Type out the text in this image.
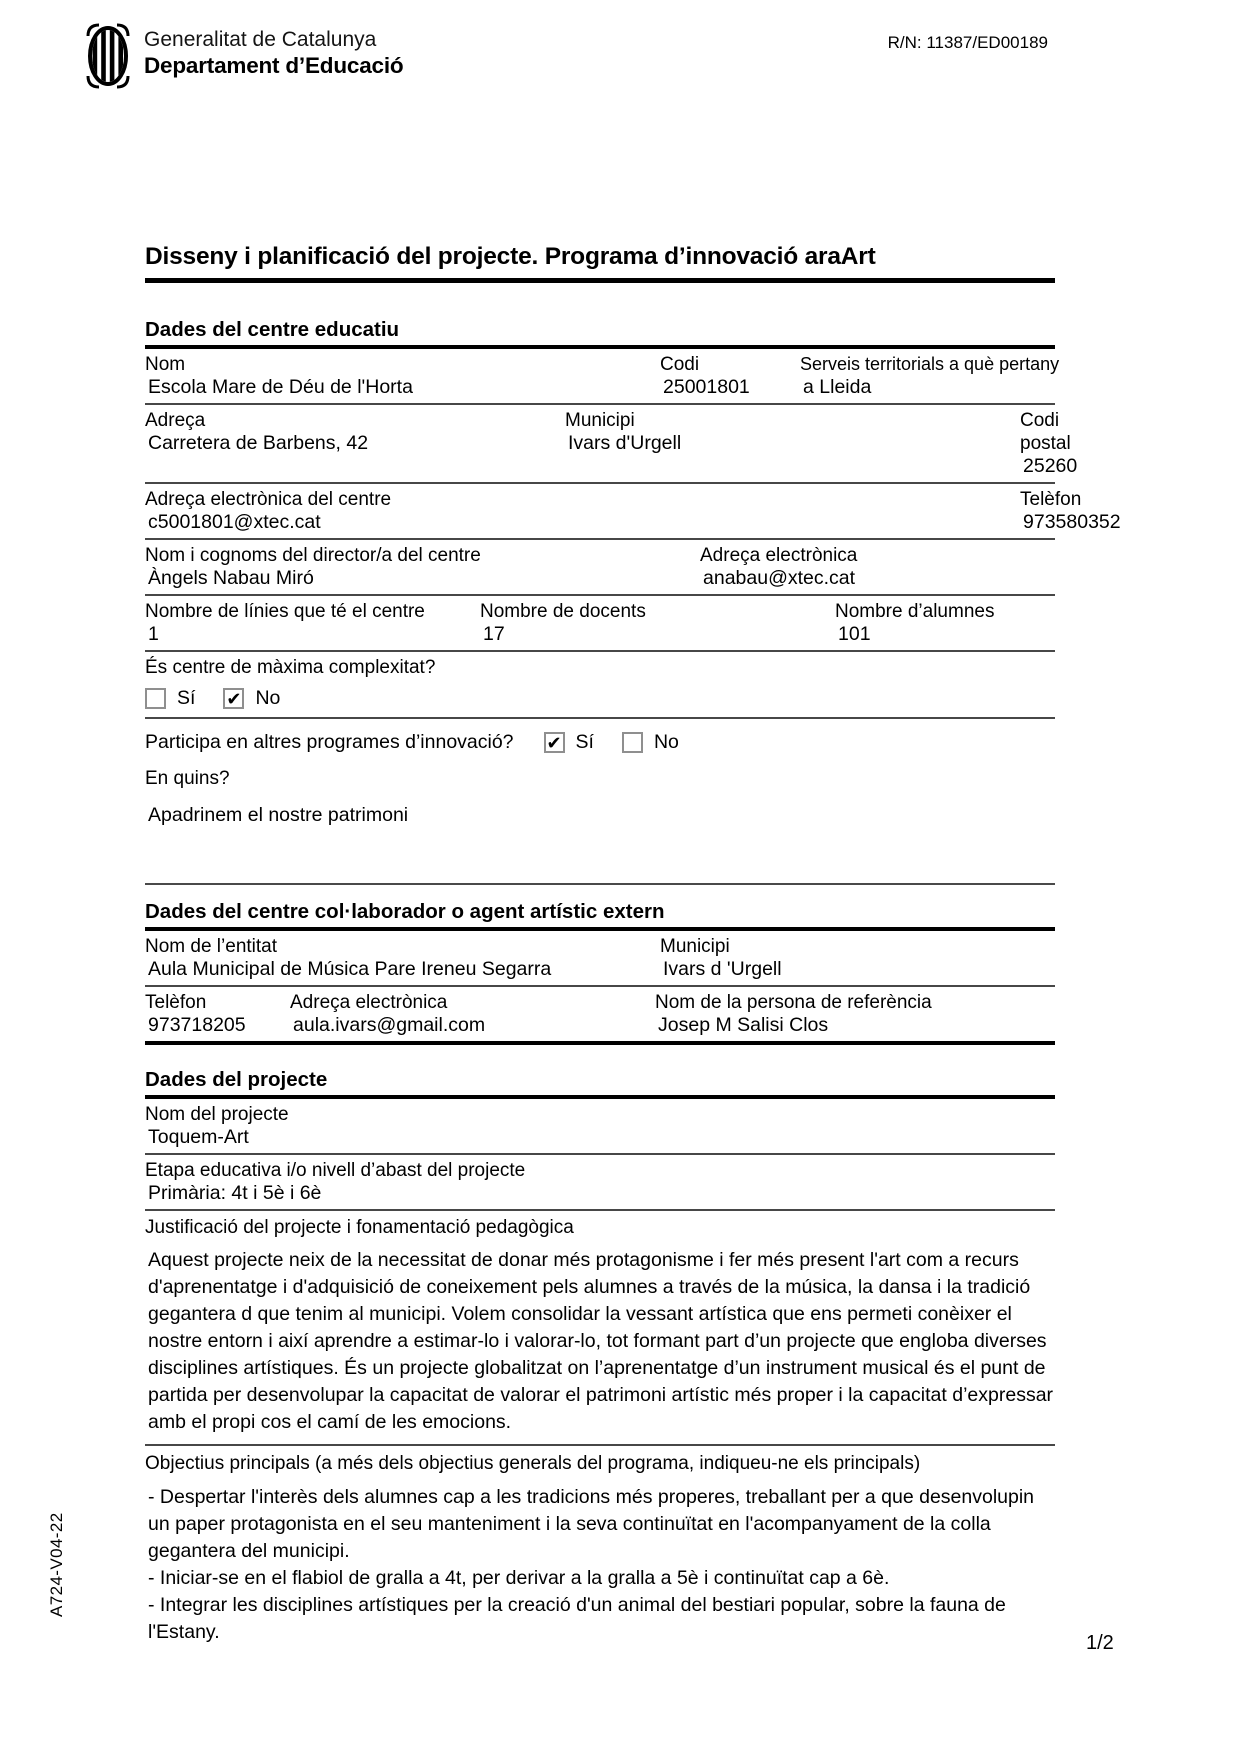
Generalitat de Catalunya
Departament d’Educació
R/N: 11387/ED00189
Disseny i planificació del projecte. Programa d’innovació araArt
Dades del centre educatiu
Nom
Escola Mare de Déu de l'Horta
Codi
25001801
Serveis territorials a què pertany
a Lleida
Adreça
Carretera de Barbens, 42
Municipi
Ivars d'Urgell
Codi postal
25260
Adreça electrònica del centre
c5001801@xtec.cat
Telèfon
973580352
Nom i cognoms del director/a del centre
Àngels Nabau Miró
Adreça electrònica
anabau@xtec.cat
Nombre de línies que té el centre
1
Nombre de docents
17
Nombre d’alumnes
101
És centre de màxima complexitat?
Sí ✔ No
Participa en altres programes d’innovació? ✔ Sí	No
En quins?
Apadrinem el nostre patrimoni
Dades del centre col·laborador o agent artístic extern
Nom de l’entitat
Aula Municipal de Música Pare Ireneu Segarra
Municipi
Ivars d 'Urgell
Telèfon
973718205
Adreça electrònica
aula.ivars@gmail.com
Nom de la persona de referència
Josep M Salisi Clos
Dades del projecte
Nom del projecte
Toquem-Art
Etapa educativa i/o nivell d’abast del projecte
Primària: 4t i 5è i 6è
Justificació del projecte i fonamentació pedagògica

Aquest projecte neix de la necessitat de donar més protagonisme i fer més present l'art com a recurs d'aprenentatge i d'adquisició de coneixement pels alumnes a través de la música, la dansa i la tradició gegantera d que tenim al municipi. Volem consolidar la vessant artística que ens permeti conèixer el nostre entorn i així aprendre a estimar-lo i valorar-lo, tot formant part d’un projecte que engloba diverses disciplines artístiques. És un projecte globalitzat on l’aprenentatge d’un instrument musical és el punt de partida per desenvolupar la capacitat de valorar el patrimoni artístic més proper i la capacitat d’expressar amb el propi cos el camí de les emocions.

Objectius principals (a més dels objectius generals del programa, indiqueu-ne els principals)
- Despertar l'interès dels alumnes cap a les tradicions més properes, treballant per a que desenvolupin un paper protagonista en el seu manteniment i la seva continuïtat en l'acompanyament de la colla gegantera del municipi.
- Iniciar-se en el flabiol de gralla a 4t, per derivar a la gralla a 5è i continuïtat cap a 6è.
- Integrar les disciplines artístiques per la creació d'un animal del bestiari popular, sobre la fauna de l'Estany.
A724-V04-22
1/2
